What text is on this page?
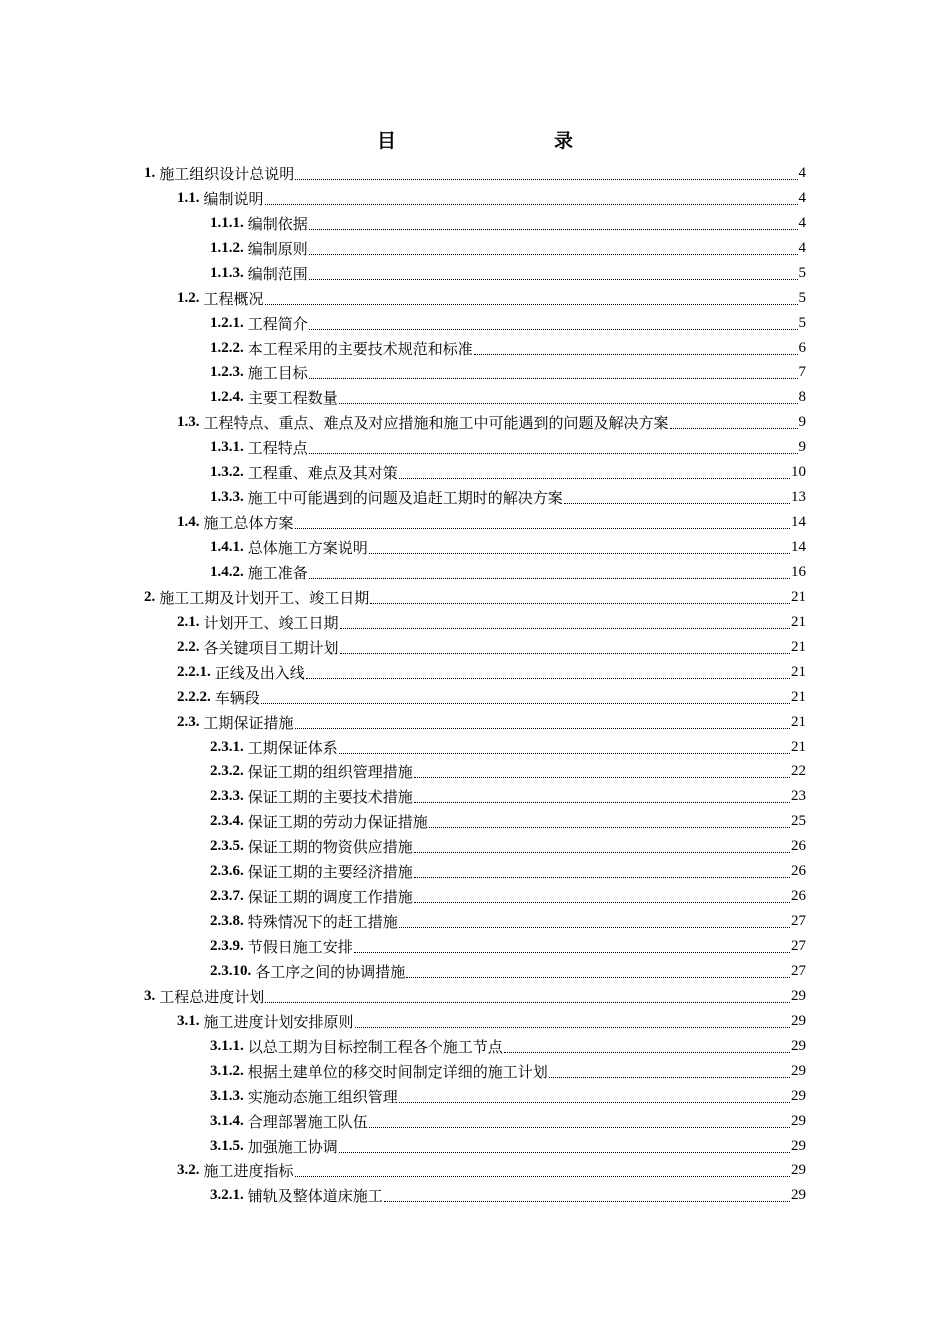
目　　录
1. 施工组织设计总说明	4
1.1. 编制说明	4
1.1.1. 编制依据	4
1.1.2. 编制原则	4
1.1.3. 编制范围	5
1.2. 工程概况	5
1.2.1. 工程简介	5
1.2.2. 本工程采用的主要技术规范和标准	6
1.2.3. 施工目标	7
1.2.4. 主要工程数量	8
1.3. 工程特点、重点、难点及对应措施和施工中可能遇到的问题及解决方案	9
1.3.1. 工程特点	9
1.3.2. 工程重、难点及其对策	10
1.3.3. 施工中可能遇到的问题及追赶工期时的解决方案	13
1.4. 施工总体方案	14
1.4.1. 总体施工方案说明	14
1.4.2. 施工准备	16
2. 施工工期及计划开工、竣工日期	21
2.1. 计划开工、竣工日期	21
2.2. 各关键项目工期计划	21
2.2.1. 正线及出入线	21
2.2.2. 车辆段	21
2.3. 工期保证措施	21
2.3.1. 工期保证体系	21
2.3.2. 保证工期的组织管理措施	22
2.3.3. 保证工期的主要技术措施	23
2.3.4. 保证工期的劳动力保证措施	25
2.3.5. 保证工期的物资供应措施	26
2.3.6. 保证工期的主要经济措施	26
2.3.7. 保证工期的调度工作措施	26
2.3.8. 特殊情况下的赶工措施	27
2.3.9. 节假日施工安排	27
2.3.10. 各工序之间的协调措施	27
3. 工程总进度计划	29
3.1. 施工进度计划安排原则	29
3.1.1. 以总工期为目标控制工程各个施工节点	29
3.1.2. 根据土建单位的移交时间制定详细的施工计划	29
3.1.3. 实施动态施工组织管理	29
3.1.4. 合理部署施工队伍	29
3.1.5. 加强施工协调	29
3.2. 施工进度指标	29
3.2.1. 铺轨及整体道床施工	29
